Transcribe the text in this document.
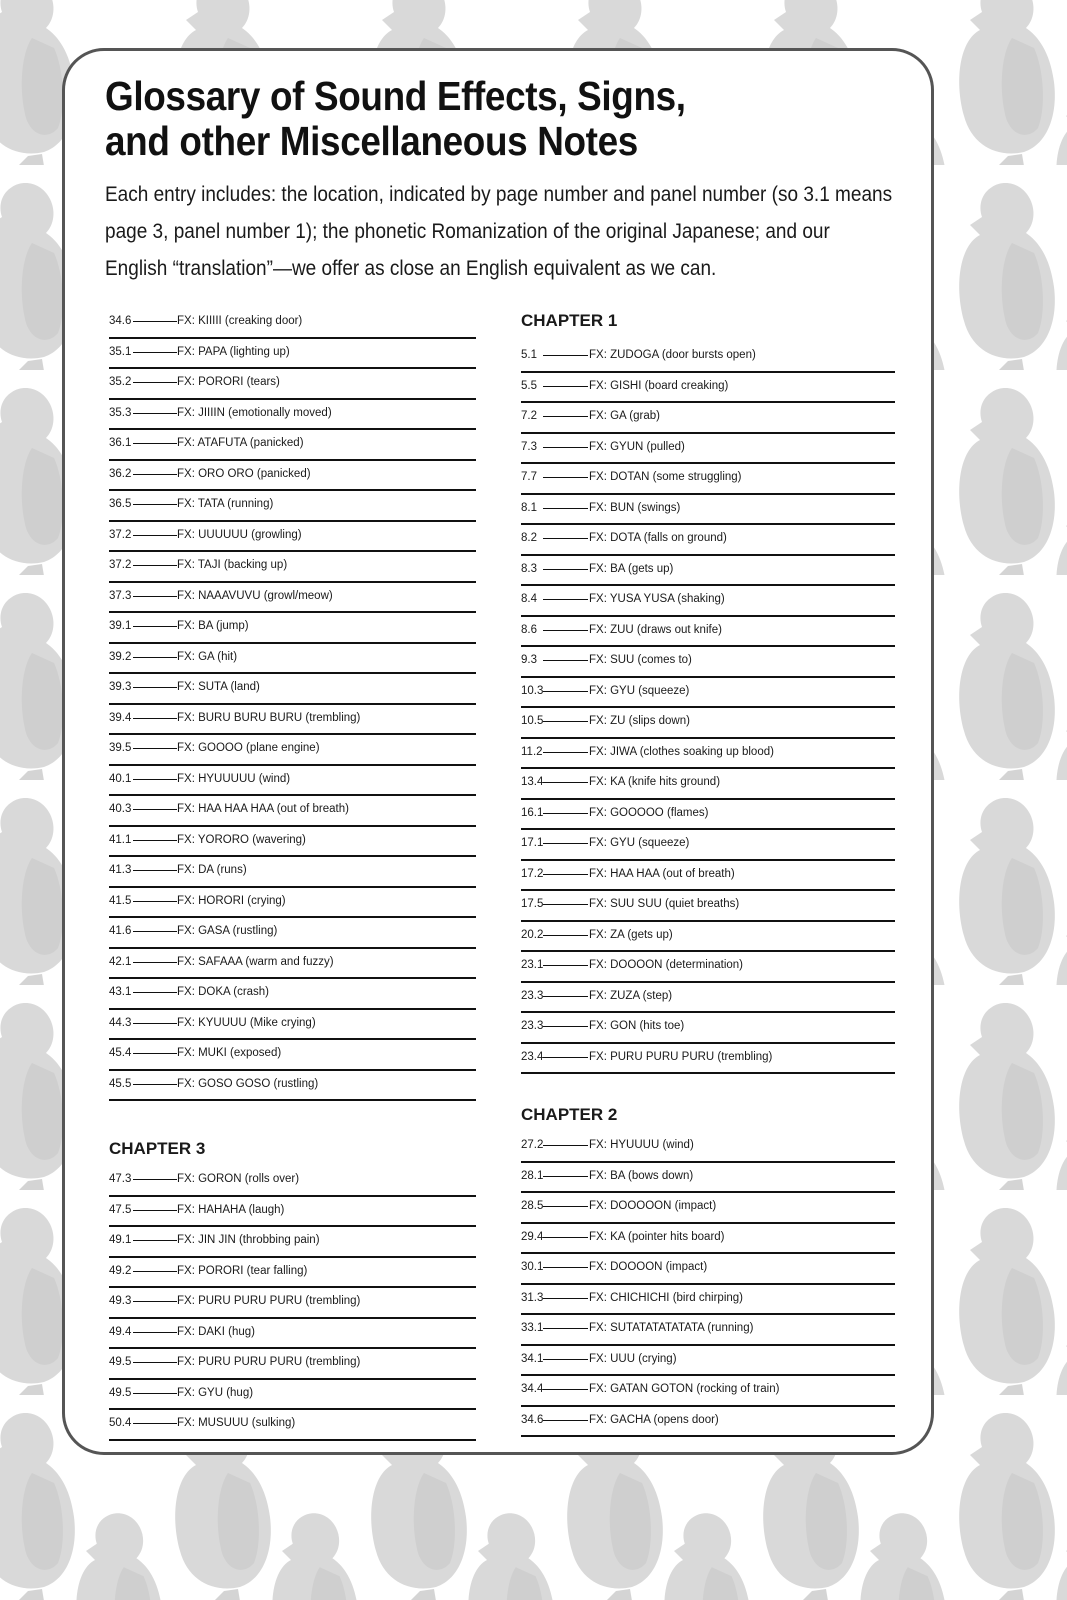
Glossary of Sound Effects, Signs,
and other Miscellaneous Notes

Each entry includes: the location, indicated by page number and panel number (so 3.1 means page 3, panel number 1); the phonetic Romanization of the original Japanese; and our English “translation”—we offer as close an English equivalent as we can.

34.6	FX: KIIIII (creaking door)
35.1	FX: PAPA (lighting up)
35.2	FX: PORORI (tears)
35.3	FX: JIIIIN (emotionally moved)
36.1	FX: ATAFUTA (panicked)
36.2	FX: ORO ORO (panicked)
36.5	FX: TATA (running)
37.2	FX: UUUUUU (growling)
37.2	FX: TAJI (backing up)
37.3	FX: NAAAVUVU (growl/meow)
39.1	FX: BA (jump)
39.2	FX: GA (hit)
39.3	FX: SUTA (land)
39.4	FX: BURU BURU BURU (trembling)
39.5	FX: GOOOO (plane engine)
40.1	FX: HYUUUUU (wind)
40.3	FX: HAA HAA HAA (out of breath)
41.1	FX: YORORO (wavering)
41.3	FX: DA (runs)
41.5	FX: HORORI (crying)
41.6	FX: GASA (rustling)
42.1	FX: SAFAAA (warm and fuzzy)
43.1	FX: DOKA (crash)
44.3	FX: KYUUUU (Mike crying)
45.4	FX: MUKI (exposed)
45.5	FX: GOSO GOSO (rustling)
CHAPTER 3
47.3	FX: GORON (rolls over)
47.5	FX: HAHAHA (laugh)
49.1	FX: JIN JIN (throbbing pain)
49.2	FX: PORORI (tear falling)
49.3	FX: PURU PURU PURU (trembling)
49.4	FX: DAKI (hug)
49.5	FX: PURU PURU PURU (trembling)
49.5	FX: GYU (hug)
50.4	FX: MUSUUU (sulking)
CHAPTER 1
5.1	FX: ZUDOGA (door bursts open)
5.5	FX: GISHI (board creaking)
7.2	FX: GA (grab)
7.3	FX: GYUN (pulled)
7.7	FX: DOTAN (some struggling)
8.1	FX: BUN (swings)
8.2	FX: DOTA (falls on ground)
8.3	FX: BA (gets up)
8.4	FX: YUSA YUSA (shaking)
8.6	FX: ZUU (draws out knife)
9.3	FX: SUU (comes to)
10.3	FX: GYU (squeeze)
10.5	FX: ZU (slips down)
11.2	FX: JIWA (clothes soaking up blood)
13.4	FX: KA (knife hits ground)
16.1	FX: GOOOOO (flames)
17.1	FX: GYU (squeeze)
17.2	FX: HAA HAA (out of breath)
17.5	FX: SUU SUU (quiet breaths)
20.2	FX: ZA (gets up)
23.1	FX: DOOOON (determination)
23.3	FX: ZUZA (step)
23.3	FX: GON (hits toe)
23.4	FX: PURU PURU PURU (trembling)
CHAPTER 2
27.2	FX: HYUUUU (wind)
28.1	FX: BA (bows down)
28.5	FX: DOOOOON (impact)
29.4	FX: KA (pointer hits board)
30.1	FX: DOOOON (impact)
31.3	FX: CHICHICHI (bird chirping)
33.1	FX: SUTATATATATATA (running)
34.1	FX: UUU (crying)
34.4	FX: GATAN GOTON (rocking of train)
34.6	FX: GACHA (opens door)
